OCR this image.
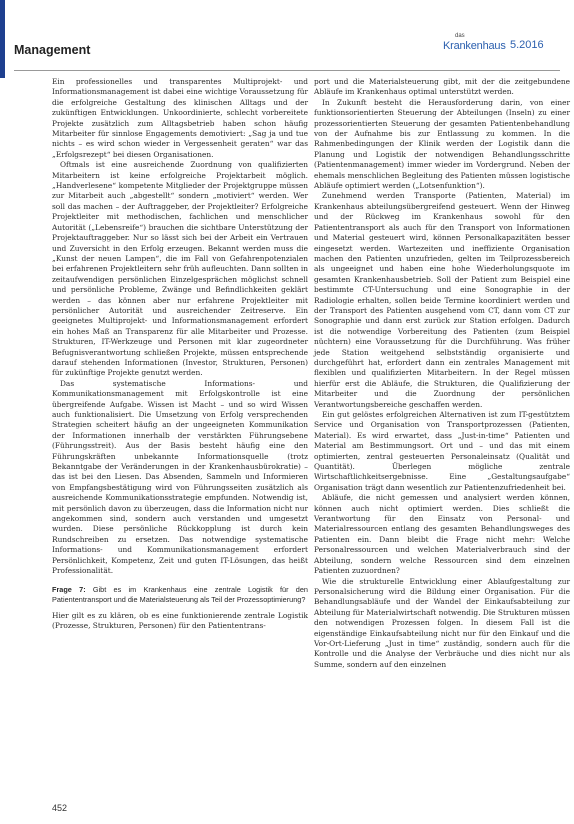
Management
das
Krankenhaus 5.2016

Ein professionelles und transparentes Multiprojekt- und Informationsmanagement ist dabei eine wichtige Voraussetzung für die erfolgreiche Gestaltung des klinischen Alltags und der zukünftigen Entwicklungen. Unkoordinierte, schlecht vorbereitete Projekte zusätzlich zum Alltagsbetrieb haben schon häufig Mitarbeiter für sinnlose Engagements demotiviert: „Sag ja und tue nichts – es wird schon wieder in Vergessenheit geraten“ war das „Erfolgsrezept“ bei diesen Organisationen.

Oftmals ist eine ausreichende Zuordnung von qualifizierten Mitarbeitern ist keine erfolgreiche Projektarbeit möglich. „Handverlesene“ kompetente Mitglieder der Projektgruppe müssen zur Mitarbeit auch „abgestellt“ sondern „motiviert“ werden. Wer soll das machen – der Auftraggeber, der Projektleiter? Erfolgreiche Projektleiter mit methodischen, fachlichen und menschlicher Autorität („Lebensreife“) brauchen die sichtbare Unterstützung der Projektauftraggeber. Nur so lässt sich bei der Arbeit ein Vertrauen und Zuversicht in den Erfolg erzeugen. Bekannt werden muss die „Kunst der neuen Lampen“, die im Fall von Gefahrenpotenzialen bei erfahrenen Projektleitern sehr früh aufleuchten. Dann sollten in zeitaufwendigen persönlichen Einzelgesprächen möglichst schnell und persönliche Probleme, Zwänge und Befindlichkeiten geklärt werden – das können aber nur erfahrene Projektleiter mit persönlicher Autorität und ausreichender Zeitreserve. Ein geeignetes Multiprojekt- und Informationsmanagement erfordert ein hohes Maß an Transparenz für alle Mitarbeiter und Prozesse. Strukturen, IT-Werkzeuge und Personen mit klar zugeordneter Befugnisverantwortung schließen Projekte, müssen entsprechende darauf stehenden Informationen (Investor, Strukturen, Personen) für zukünftige Projekte genutzt werden.

Das systematische Informations- und Kommunikationsmanagement mit Erfolgskontrolle ist eine übergreifende Aufgabe. Wissen ist Macht – und so wird Wissen auch funktionalisiert. Die Umsetzung von Erfolg versprechenden Strategien scheitert häufig an der ungeeigneten Kommunikation der Informationen innerhalb der verstärkten Führungsebene (Führungsstreit). Aus der Basis besteht häufig eine den Führungskräften unbekannte Informationsquelle (trotz Bekanntgabe der Veränderungen in der Krankenhausbürokratie) – das ist bei den Liesen. Das Absenden, Sammeln und Informieren von Empfangsbestätigung wird von Führungsseiten zusätzlich als ausreichende Kommunikationsstrategie empfunden. Notwendig ist, mit persönlich davon zu überzeugen, dass die Information nicht nur angekommen sind, sondern auch verstanden und umgesetzt wurden. Diese persönliche Rückkopplung ist durch kein Rundschreiben zu ersetzen. Das notwendige systematische Informations- und Kommunikationsmanagement erfordert Persönlichkeit, Kompetenz, Zeit und guten IT-Lösungen, das heißt Professionalität.

Frage 7: Gibt es im Krankenhaus eine zentrale Logistik für den Patiententransport und die Materialsteuerung als Teil der Prozessoptimierung?

Hier gilt es zu klären, ob es eine funktionierende zentrale Logistik (Prozesse, Strukturen, Personen) für den Patiententrans-

port und die Materialsteuerung gibt, mit der die zeitgebundene Abläufe im Krankenhaus optimal unterstützt werden.

In Zukunft besteht die Herausforderung darin, von einer funktionsorientierten Steuerung der Abteilungen (Inseln) zu einer prozessorientierten Steuerung der gesamten Patientenbehandlung von der Aufnahme bis zur Entlassung zu kommen. In die Rahmenbedingungen der Klinik werden der Logistik dann die Planung und Logistik der notwendigen Behandlungsschritte (Patientenmanagement) immer wieder im Vordergrund. Neben der ehemals menschlichen Begleitung des Patienten müssen logistische Abläufe optimiert werden („Lotsenfunktion“).

Zunehmend werden Transporte (Patienten, Material) im Krankenhaus abteilungsübergreifend gesteuert. Wenn der Hinweg und der Rückweg im Krankenhaus sowohl für den Patiententransport als auch für den Transport von Informationen und Material gesteuert wird, können Personalkapazitäten besser eingesetzt werden. Wartezeiten und ineffiziente Organisation machen den Patienten unzufrieden, gelten im Teilprozessbereich als ungeeignet und haben eine hohe Wiederholungsquote im gesamten Krankenhausbetrieb. Soll der Patient zum Beispiel eine bestimmte CT-Untersuchung und eine Sonographie in der Radiologie erhalten, sollen beide Termine koordiniert werden und der Transport des Patienten ausgehend vom CT, dann vom CT zur Sonographie und dann erst zurück zur Station erfolgen. Dadurch ist die notwendige Vorbereitung des Patienten (zum Beispiel nüchtern) eine Voraussetzung für die Durchführung. Was früher jede Station weitgehend selbstständig organisierte und durchgeführt hat, erfordert dann ein zentrales Management mit flexiblen und qualifizierten Mitarbeitern. In der Regel müssen hierfür erst die Abläufe, die Strukturen, die Qualifizierung der Mitarbeiter und die Zuordnung der persönlichen Verantwortungsbereiche geschaffen werden.

Ein gut gelöstes erfolgreichen Alternativen ist zum IT-gestütztem Service und Organisation von Transportprozessen (Patienten, Material). Es wird erwartet, dass „Just-in-time“ Patienten und Material am Bestimmungsort. Ort und – und das mit einem optimierten, zentral gesteuerten Personaleinsatz (Qualität und Quantität). Überlegen mögliche zentrale Wirtschaftlichkeitsergebnisse. Eine „Gestaltungsaufgabe“ Organisation trägt dann wesentlich zur Patientenzufriedenheit bei.

Abläufe, die nicht gemessen und analysiert werden können, können auch nicht optimiert werden. Dies schließt die Verantwortung für den Einsatz von Personal- und Materialressourcen entlang des gesamten Behandlungsweges des Patienten ein. Dann bleibt die Frage nicht mehr: Welche Personalressourcen und welchen Materialverbrauch sind der Abteilung, sondern welche Ressourcen sind dem einzelnen Patienten zuzuordnen?

Wie die strukturelle Entwicklung einer Ablaufgestaltung zur Personalsicherung wird die Bildung einer Organisation. Für die Behandlungsabläufe und der Wandel der Einkaufsabteilung zur Abteilung für Materialwirtschaft notwendig. Die Strukturen müssen den notwendigen Prozessen folgen. In diesem Fall ist die eigenständige Einkaufsabteilung nicht nur für den Einkauf und die Vor-Ort-Lieferung „Just in time“ zuständig, sondern auch für die Kontrolle und die Analyse der Verbräuche und dies nicht nur als Summe, sondern auf den einzelnen

452
